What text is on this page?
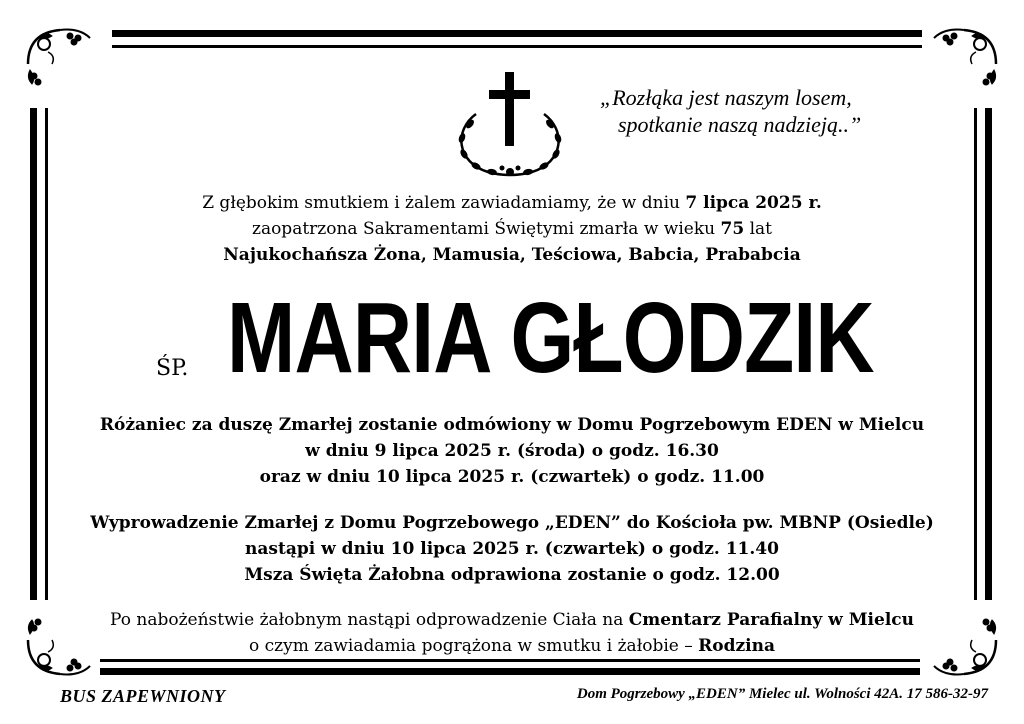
„Rozłąka jest naszym losem,
spotkanie naszą nadzieją..”
Z głębokim smutkiem i żalem zawiadamiamy, że w dniu 7 lipca 2025 r.
zaopatrzona Sakramentami Świętymi zmarła w wieku 75 lat
Najukochańsza Żona, Mamusia, Teściowa, Babcia, Prababcia
ŚP. MARIA GŁODZIK
Różaniec za duszę Zmarłej zostanie odmówiony w Domu Pogrzebowym EDEN w Mielcu
w dniu 9 lipca 2025 r. (środa) o godz. 16.30
oraz w dniu 10 lipca 2025 r. (czwartek) o godz. 11.00
Wyprowadzenie Zmarłej z Domu Pogrzebowego „EDEN” do Kościoła pw. MBNP (Osiedle)
nastąpi w dniu 10 lipca 2025 r. (czwartek) o godz. 11.40
Msza Święta Żałobna odprawiona zostanie o godz. 12.00
Po nabożeństwie żałobnym nastąpi odprowadzenie Ciała na Cmentarz Parafialny w Mielcu
o czym zawiadamia pogrążona w smutku i żałobie – Rodzina
BUS ZAPEWNIONY	Dom Pogrzebowy „EDEN” Mielec ul. Wolności 42A. 17 586-32-97
